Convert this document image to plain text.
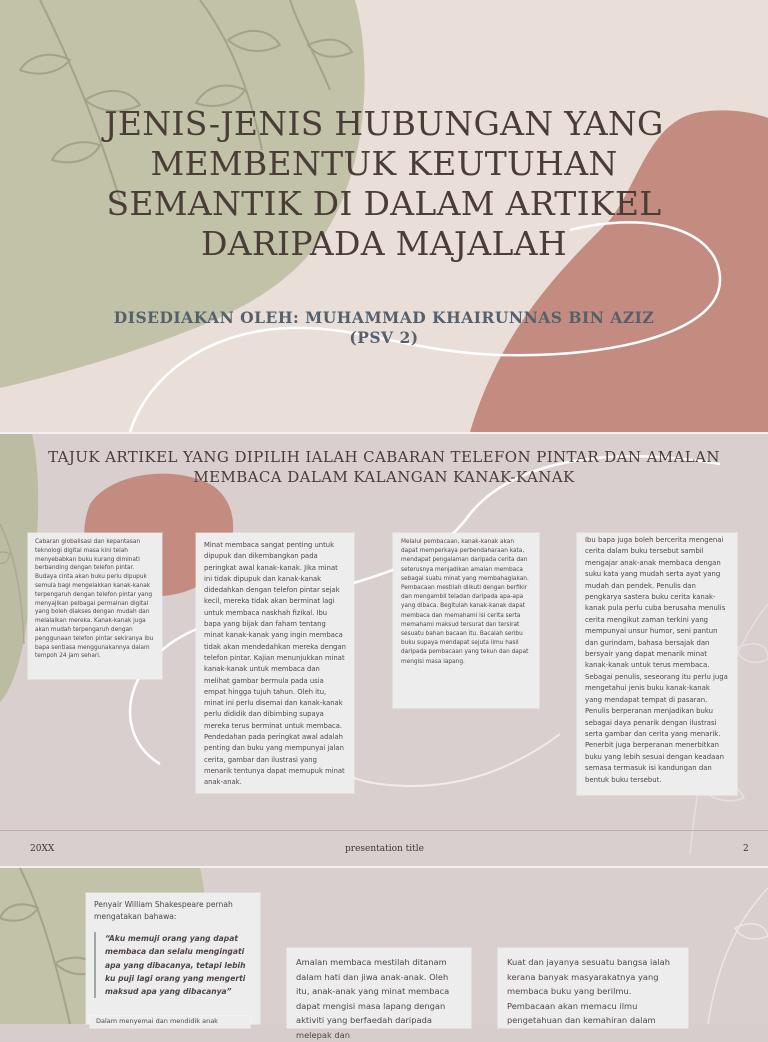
JENIS-JENIS HUBUNGAN YANG MEMBENTUK KEUTUHAN SEMANTIK DI DALAM ARTIKEL DARIPADA MAJALAH
DISEDIAKAN OLEH: MUHAMMAD KHAIRUNNAS BIN AZIZ
(PSV 2)
TAJUK ARTIKEL YANG DIPILIH IALAH CABARAN TELEFON PINTAR DAN AMALAN MEMBACA DALAM KALANGAN KANAK-KANAK
Cabaran globalisasi dan kepantasan teknologi digital masa kini telah menyebabkan buku kurang diminati berbanding dengan telefon pintar. Budaya cinta akan buku perlu dipupuk semula bagi mengelakkan kanak-kanak terpengaruh dengan telefon pintar yang menyajikan pelbagai permainan digital yang boleh diakses dengan mudah dan melalaikan mereka. Kanak-kanak juga akan mudah terpengaruh dengan penggunaan telefon pintar sekiranya ibu bapa sentiasa menggunakannya dalam tempoh 24 jam sehari.
Minat membaca sangat penting untuk dipupuk dan dikembangkan pada peringkat awal kanak-kanak. Jika minat ini tidak dipupuk dan kanak-kanak didedahkan dengan telefon pintar sejak kecil, mereka tidak akan berminat lagi untuk membaca naskhah fizikal. Ibu bapa yang bijak dan faham tentang minat kanak-kanak yang ingin membaca tidak akan mendedahkan mereka dengan telefon pintar. Kajian menunjukkan minat kanak-kanak untuk membaca dan melihat gambar bermula pada usia empat hingga tujuh tahun. Oleh itu, minat ini perlu disemai dan kanak-kanak perlu dididik dan dibimbing supaya mereka terus berminat untuk membaca. Pendedahan pada peringkat awal adalah penting dan buku yang mempunyai jalan cerita, gambar dan ilustrasi yang menarik tentunya dapat memupuk minat anak-anak.
Melalui pembacaan, kanak-kanak akan dapat memperkaya perbendaharaan kata, mendapat pengalaman daripada cerita dan seterusnya menjadikan amalan membaca sebagai suatu minat yang membahagiakan. Pembacaan mestilah diikuti dengan berfikir dan mengambil teladan daripada apa-apa yang dibaca. Begitulah kanak-kanak dapat membaca dan memahami isi cerita serta memahami maksud tersurat dan tersirat sesuatu bahan bacaan itu. Bacalah seribu buku supaya mendapat sejuta ilmu hasil daripada pembacaan yang tekun dan dapat mengisi masa lapang.
Ibu bapa juga boleh bercerita mengenai cerita dalam buku tersebut sambil mengajar anak-anak membaca dengan suku kata yang mudah serta ayat yang mudah dan pendek. Penulis dan pengkarya sastera buku cerita kanak-kanak pula perlu cuba berusaha menulis cerita mengikut zaman terkini yang mempunyai unsur humor, seni pantun dan gurindam, bahasa bersajak dan bersyair yang dapat menarik minat kanak-kanak untuk terus membaca. Sebagai penulis, seseorang itu perlu juga mengetahui jenis buku kanak-kanak yang mendapat tempat di pasaran. Penulis berperanan menjadikan buku sebagai daya penarik dengan ilustrasi serta gambar dan cerita yang menarik. Penerbit juga berperanan menerbitkan buku yang lebih sesuai dengan keadaan semasa termasuk isi kandungan dan bentuk buku tersebut.
20XX	presentation title	2
Penyair William Shakespeare pernah mengatakan bahawa:
“Aku memuji orang yang dapat membaca dan selalu mengingati apa yang dibacanya, tetapi lebih ku puji lagi orang yang mengerti maksud apa yang dibacanya”
Amalan membaca mestilah ditanam dalam hati dan jiwa anak-anak. Oleh itu, anak-anak yang minat membaca dapat mengisi masa lapang dengan aktiviti yang berfaedah daripada melepak dan
Kuat dan jayanya sesuatu bangsa ialah kerana banyak masyarakatnya yang membaca buku yang berilmu. Pembacaan akan memacu ilmu pengetahuan dan kemahiran dalam
Dalam menyemai dan mendidik anak
